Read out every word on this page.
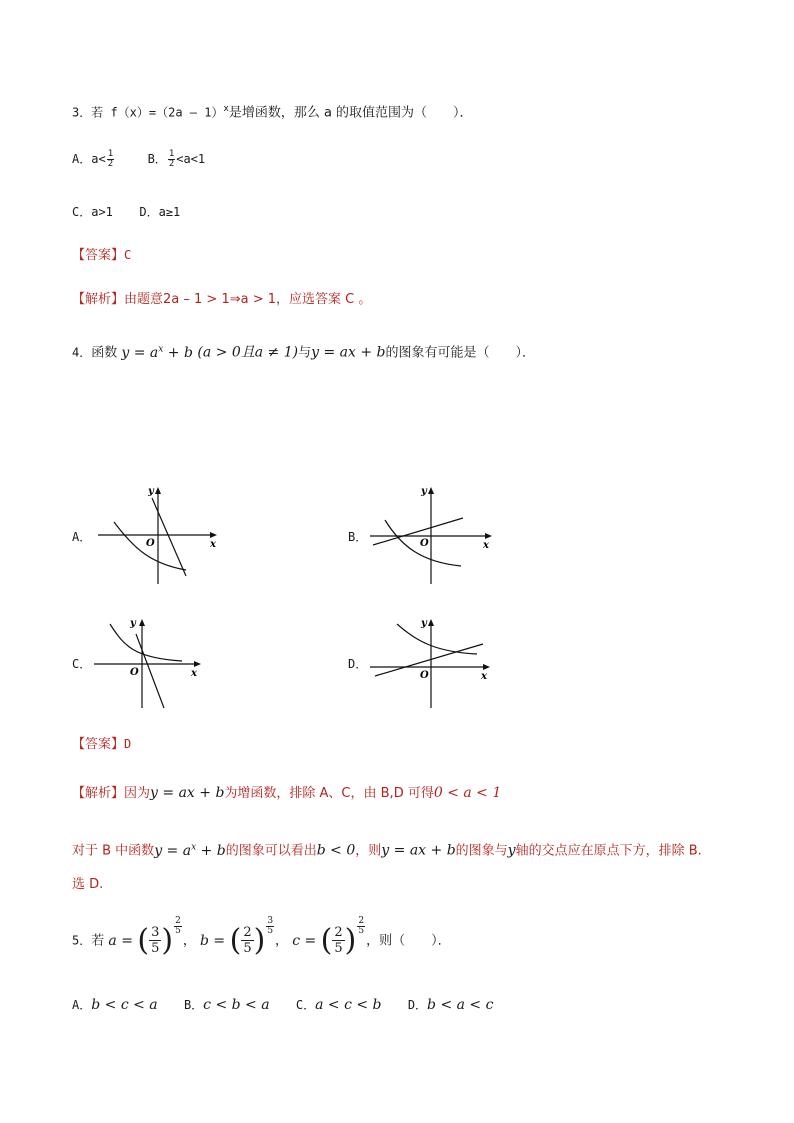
3．若 f（x）=（2a – 1）$^x$是增函数，那么 a 的取值范围为（　　）．
A．$a< \frac{1}{2}$	B． $\frac{1}{2} <a<1$
C．a>1 D．a≥1
【答案】C
【解析】由题意2a – 1 > 1⇒a > 1，应选答案 C 。
4．函数 $y = a^x + b$ (a > 0且a ≠ 1)与y = ax + b的图象有可能是（　　）．
A．
x
y
O	B．
x
y
O
C．
x
y
O
D．
x
y
O
【答案】D
【解析】因为y = ax + b为增函数，排除 A、C，由 B,D 可得0 < a < 1
对于 B 中函数$y = a^x + b$的图象可以看出b < 0，则y = ax + b的图象与y轴的交点应在原点下方，排除 B.
选 D.
5．若 a = ( $\frac{3}{5}$ ) $\frac{2}{5}$
， b = ( $\frac{2}{5}$ ) $\frac{3}{5}$
， c = ( $\frac{2}{5}$ ) $\frac{2}{5}$
，则（　　）．
A．b < c < a B．c < b < a C．a < c < b D．b < a < c
